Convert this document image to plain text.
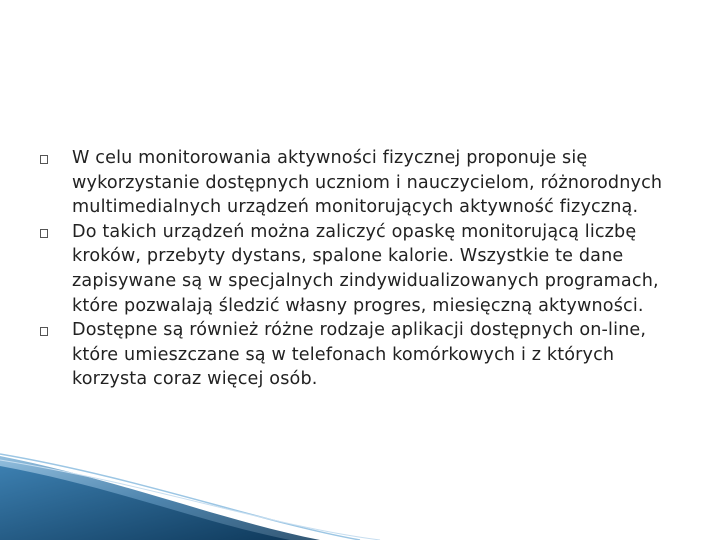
W celu monitorowania aktywności fizycznej proponuje się wykorzystanie dostępnych uczniom i nauczycielom, różnorodnych multimedialnych urządzeń monitorujących aktywność fizyczną.
Do takich urządzeń można zaliczyć opaskę monitorującą liczbę kroków, przebyty dystans, spalone kalorie. Wszystkie te dane zapisywane są w specjalnych zindywidualizowanych programach, które pozwalają śledzić własny progres, miesięczną aktywności.
Dostępne są również różne rodzaje aplikacji dostępnych on-line, które umieszczane są w telefonach komórkowych i z których korzysta coraz więcej osób.
